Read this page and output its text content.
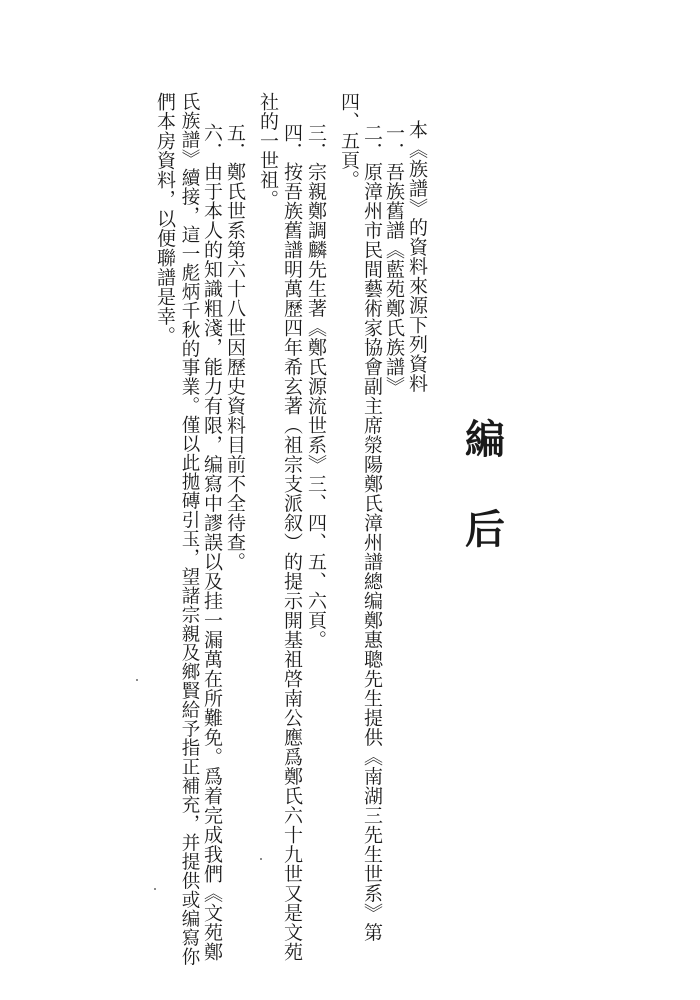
編
后
本《族譜》的資料來源下列資料
一．吾族舊譜《藍苑鄭氏族譜》
二．原漳州市民間藝術家協會副主席滎陽鄭氏漳州譜總编鄭惠聰先生提供《南湖三先生世系》第
四、五頁。
三．宗親鄭調麟先生著《鄭氏源流世系》三、四、五、六頁。
四．按吾族舊譜明萬歷四年希玄著（祖宗支派叙）的提示開基祖啓南公應爲鄭氏六十九世又是文苑
社的一世祖。
五．鄭氏世系第六十八世因歷史資料目前不全待查。
六．由于本人的知識粗淺，能力有限，编寫中謬誤以及挂一漏萬在所難免。爲着完成我們《文苑鄭
氏族譜》續接，這一彪炳千秋的事業。僅以此拋磚引玉，望諸宗親及鄉賢給予指正補充，并提供或编寫你
們本房資料，以便聯譜是幸。
